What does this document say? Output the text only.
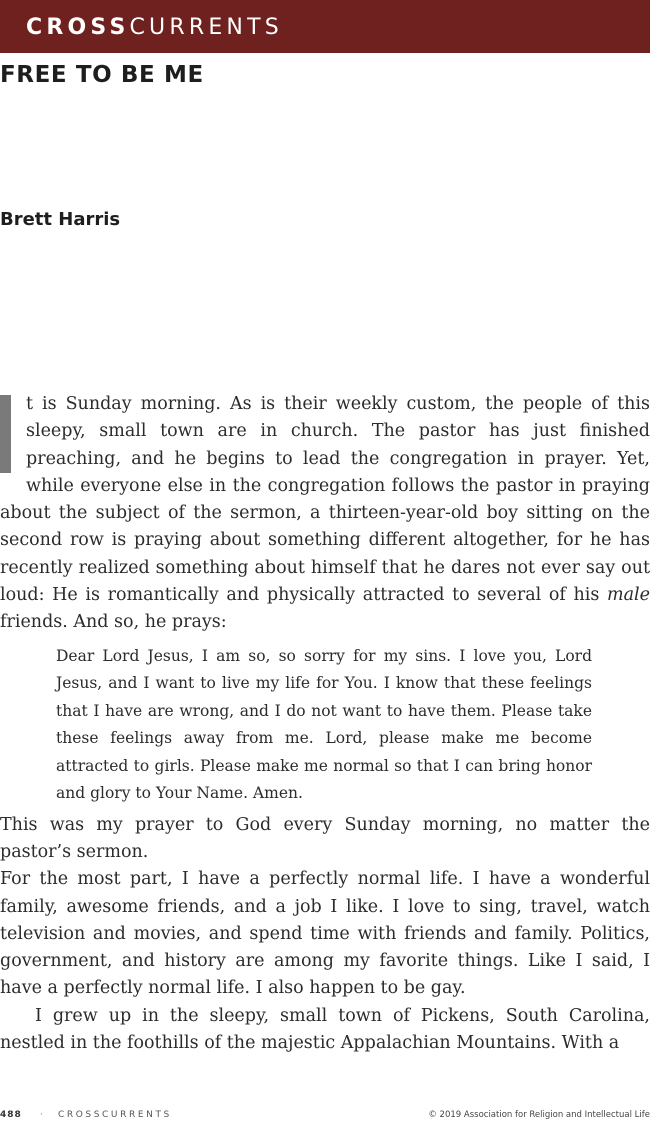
CROSSCURRENTS
FREE TO BE ME
Brett Harris

t is Sunday morning. As is their weekly custom, the people of this sleepy, small town are in church. The pastor has just finished preaching, and he begins to lead the congregation in prayer. Yet, while everyone else in the congregation follows the pastor in praying about the subject of the sermon, a thirteen-year-old boy sitting on the second row is praying about something different altogether, for he has recently realized something about himself that he dares not ever say out loud: He is romantically and physically attracted to several of his male friends. And so, he prays:

Dear Lord Jesus, I am so, so sorry for my sins. I love you, Lord Jesus, and I want to live my life for You. I know that these feelings that I have are wrong, and I do not want to have them. Please take these feelings away from me. Lord, please make me become attracted to girls. Please make me normal so that I can bring honor and glory to Your Name. Amen.

This was my prayer to God every Sunday morning, no matter the pastor’s sermon.

For the most part, I have a perfectly normal life. I have a wonderful family, awesome friends, and a job I like. I love to sing, travel, watch television and movies, and spend time with friends and family. Politics, government, and history are among my favorite things. Like I said, I have a perfectly normal life. I also happen to be gay.

I grew up in the sleepy, small town of Pickens, South Carolina, nestled in the foothills of the majestic Appalachian Mountains. With a

488 · CROSSCURRENTS	© 2019 Association for Religion and Intellectual Life
